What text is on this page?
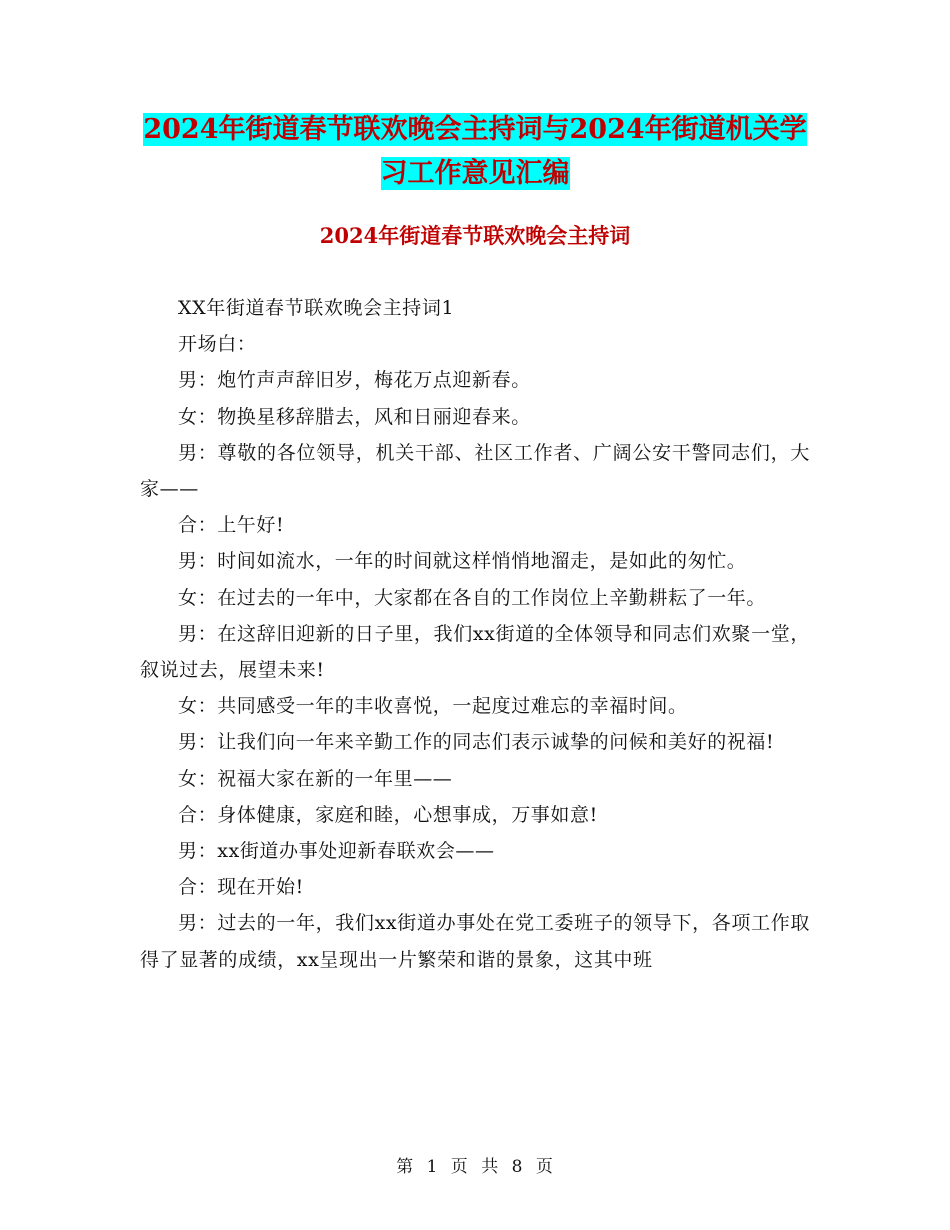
2024年街道春节联欢晚会主持词与2024年街道机关学
习工作意见汇编
2024年街道春节联欢晚会主持词

XX年街道春节联欢晚会主持词1

开场白：

男：炮竹声声辞旧岁，梅花万点迎新春。

女：物换星移辞腊去，风和日丽迎春来。

男：尊敬的各位领导，机关干部、社区工作者、广阔公安干警同志们，大家——

合：上午好!

男：时间如流水，一年的时间就这样悄悄地溜走，是如此的匆忙。

女：在过去的一年中，大家都在各自的工作岗位上辛勤耕耘了一年。

男：在这辞旧迎新的日子里，我们xx街道的全体领导和同志们欢聚一堂，叙说过去，展望未来!

女：共同感受一年的丰收喜悦，一起度过难忘的幸福时间。

男：让我们向一年来辛勤工作的同志们表示诚挚的问候和美好的祝福!

女：祝福大家在新的一年里——

合：身体健康，家庭和睦，心想事成，万事如意!

男：xx街道办事处迎新春联欢会——

合：现在开始!

男：过去的一年，我们xx街道办事处在党工委班子的领导下，各项工作取得了显著的成绩，xx呈现出一片繁荣和谐的景象，这其中班

第 1 页 共 8 页
